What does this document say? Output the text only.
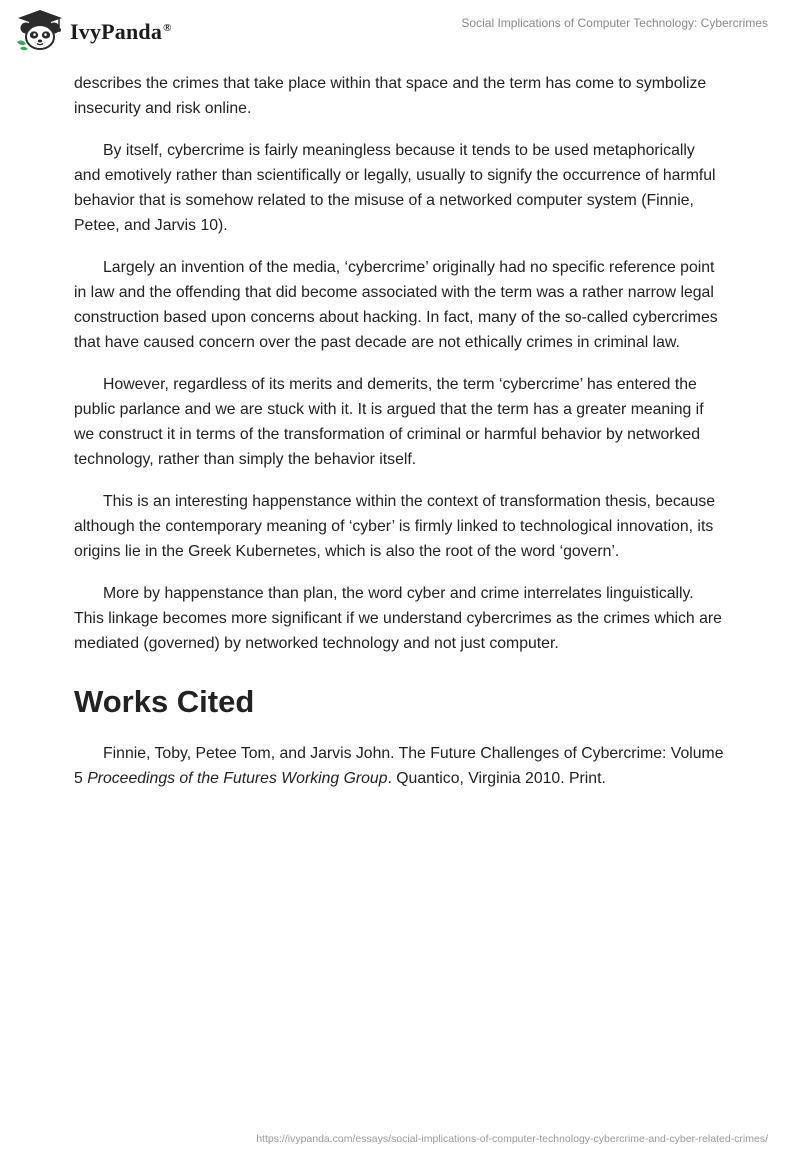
IvyPanda®	Social Implications of Computer Technology: Cybercrimes

describes the crimes that take place within that space and the term has come to symbolize insecurity and risk online.

By itself, cybercrime is fairly meaningless because it tends to be used metaphorically and emotively rather than scientifically or legally, usually to signify the occurrence of harmful behavior that is somehow related to the misuse of a networked computer system (Finnie, Petee, and Jarvis 10).

Largely an invention of the media, ‘cybercrime’ originally had no specific reference point in law and the offending that did become associated with the term was a rather narrow legal construction based upon concerns about hacking. In fact, many of the so-called cybercrimes that have caused concern over the past decade are not ethically crimes in criminal law.

However, regardless of its merits and demerits, the term ‘cybercrime’ has entered the public parlance and we are stuck with it. It is argued that the term has a greater meaning if we construct it in terms of the transformation of criminal or harmful behavior by networked technology, rather than simply the behavior itself.

This is an interesting happenstance within the context of transformation thesis, because although the contemporary meaning of ‘cyber’ is firmly linked to technological innovation, its origins lie in the Greek Kubernetes, which is also the root of the word ‘govern’.

More by happenstance than plan, the word cyber and crime interrelates linguistically. This linkage becomes more significant if we understand cybercrimes as the crimes which are mediated (governed) by networked technology and not just computer.

Works Cited

Finnie, Toby, Petee Tom, and Jarvis John. The Future Challenges of Cybercrime: Volume 5 Proceedings of the Futures Working Group. Quantico, Virginia 2010. Print.

https://ivypanda.com/essays/social-implications-of-computer-technology-cybercrime-and-cyber-related-crimes/
